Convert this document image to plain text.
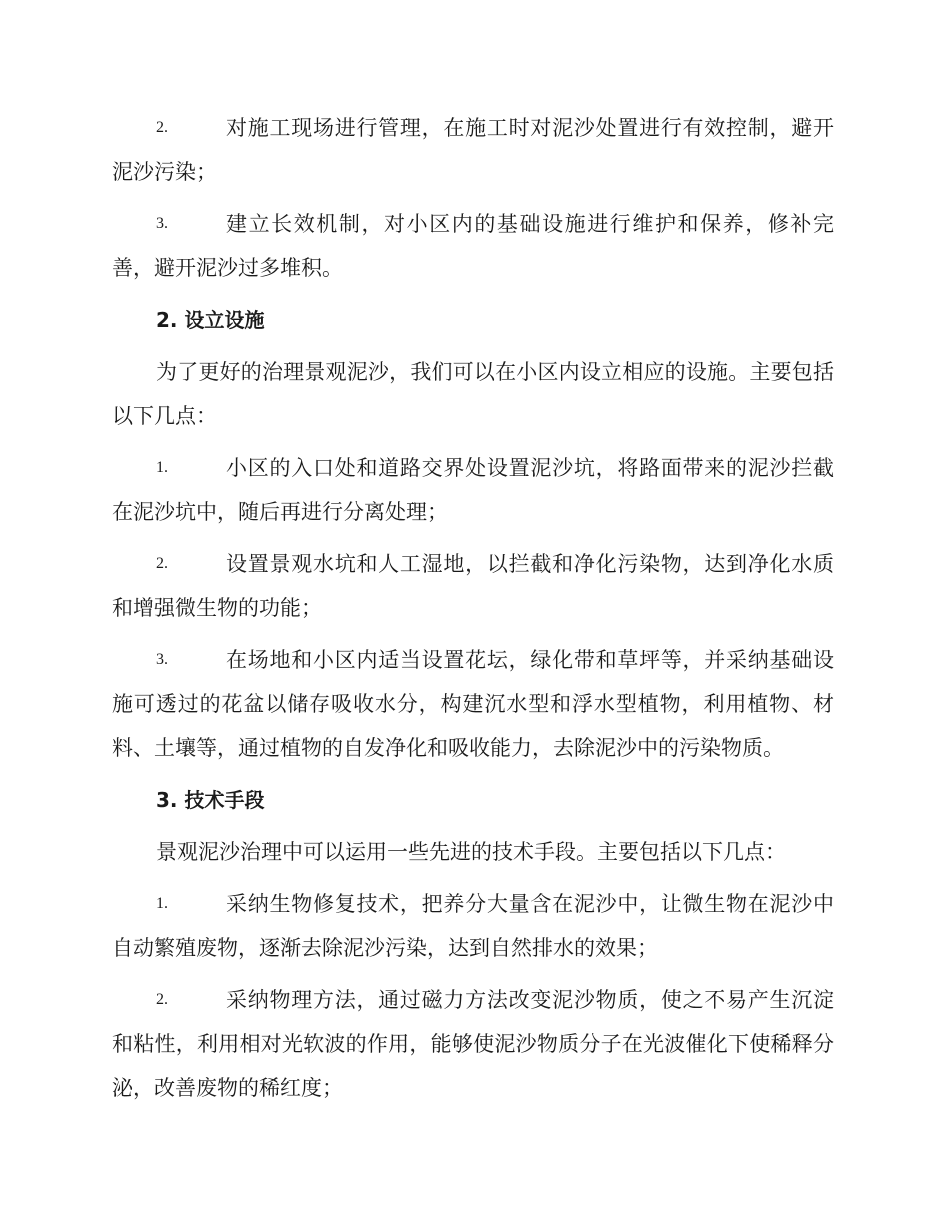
2.	对施工现场进行管理，在施工时对泥沙处置进行有效控制，避开泥沙污染；
3.	建立长效机制，对小区内的基础设施进行维护和保养，修补完善，避开泥沙过多堆积。
2. 设立设施
为了更好的治理景观泥沙，我们可以在小区内设立相应的设施。主要包括以下几点：
1.	小区的入口处和道路交界处设置泥沙坑，将路面带来的泥沙拦截在泥沙坑中，随后再进行分离处理；
2.	设置景观水坑和人工湿地，以拦截和净化污染物，达到净化水质和增强微生物的功能；
3.	在场地和小区内适当设置花坛，绿化带和草坪等，并采纳基础设施可透过的花盆以储存吸收水分，构建沉水型和浮水型植物，利用植物、材料、土壤等，通过植物的自发净化和吸收能力，去除泥沙中的污染物质。
3. 技术手段
景观泥沙治理中可以运用一些先进的技术手段。主要包括以下几点：
1.	采纳生物修复技术，把养分大量含在泥沙中，让微生物在泥沙中自动繁殖废物，逐渐去除泥沙污染，达到自然排水的效果；
2.	采纳物理方法，通过磁力方法改变泥沙物质，使之不易产生沉淀和粘性，利用相对光软波的作用，能够使泥沙物质分子在光波催化下使稀释分泌，改善废物的稀红度；
